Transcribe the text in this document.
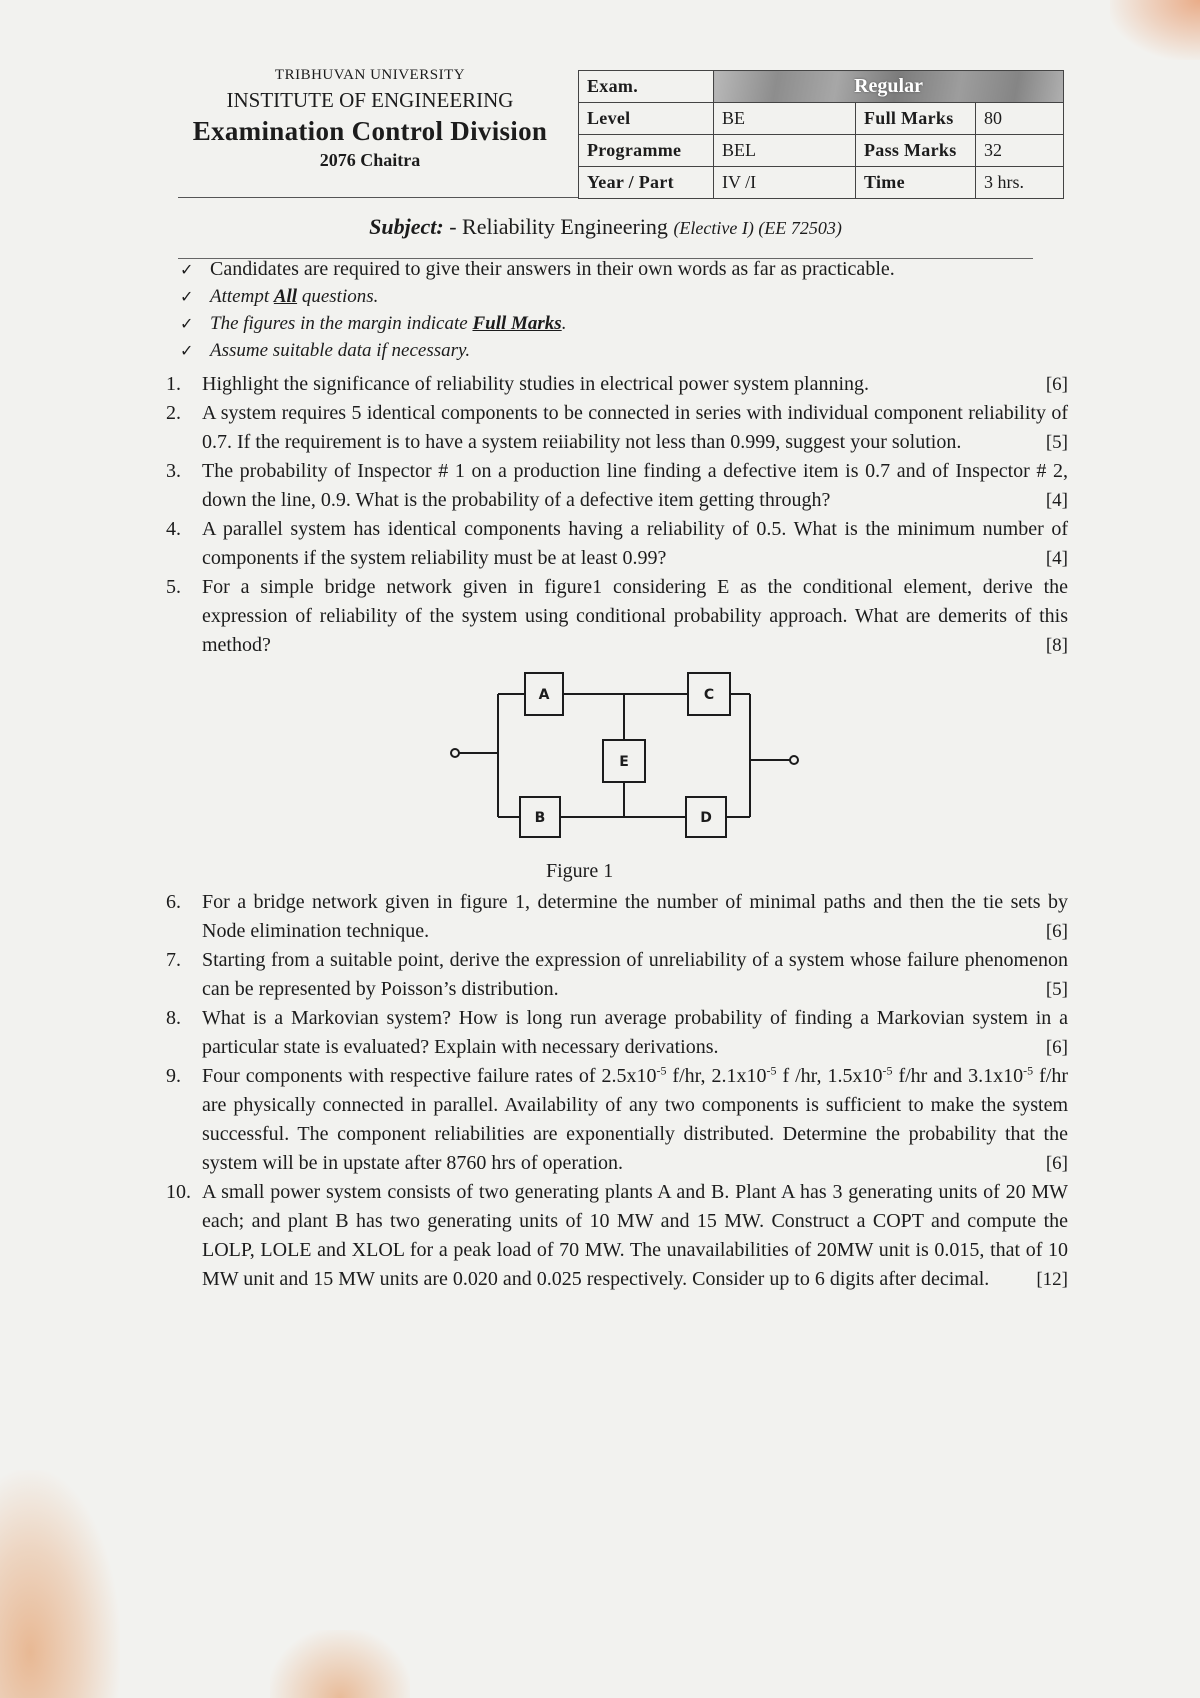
TRIBHUVAN UNIVERSITY
INSTITUTE OF ENGINEERING
Examination Control Division
2076 Chaitra
Exam.	Regular		
Level	BE	Full Marks	80
Programme	BEL	Pass Marks	32
Year / Part	IV /I	Time	3 hrs.
Subject: - Reliability Engineering (Elective I) (EE 72503)
✓ Candidates are required to give their answers in their own words as far as practicable.
✓ Attempt All questions.
✓ The figures in the margin indicate Full Marks.
✓ Assume suitable data if necessary.
1.	Highlight the significance of reliability studies in electrical power system planning.	[6]
2.	A system requires 5 identical components to be connected in series with individual component reliability of 0.7. If the requirement is to have a system reiiability not less than 0.999, suggest your solution.	[5]
3.	The probability of Inspector # 1 on a production line finding a defective item is 0.7 and of Inspector # 2, down the line, 0.9. What is the probability of a defective item getting through?	[4]
4.	A parallel system has identical components having a reliability of 0.5. What is the minimum number of components if the system reliability must be at least 0.99?	[4]
5.	For a simple bridge network given in figure1 considering E as the conditional element, derive the expression of reliability of the system using conditional probability approach. What are demerits of this method?	[8]
A	C
E
B	D
Figure 1
6.	For a bridge network given in figure 1, determine the number of minimal paths and then the tie sets by Node elimination technique.	[6]
7.	Starting from a suitable point, derive the expression of unreliability of a system whose failure phenomenon can be represented by Poisson’s distribution.	[5]
8.	What is a Markovian system? How is long run average probability of finding a Markovian system in a particular state is evaluated? Explain with necessary derivations.	[6]
9.	Four components with respective failure rates of $2.5x10^{-5}$ f/hr, $2.1x10^{-5}$ f /hr, $1.5x10^{-5}$ f/hr and $3.1x10^{-5}$ f/hr are physically connected in parallel. Availability of any two components is sufficient to make the system successful. The component reliabilities are exponentially distributed. Determine the probability that the system will be in upstate after 8760 hrs of operation.	[6]
10. A small power system consists of two generating plants A and B. Plant A has 3 generating units of 20 MW each; and plant B has two generating units of 10 MW and 15 MW. Construct a COPT and compute the LOLP, LOLE and XLOL for a peak load of 70 MW. The unavailabilities of 20MW unit is 0.015, that of 10 MW unit and 15 MW units are 0.020 and 0.025 respectively. Consider up to 6 digits after decimal. [12]
